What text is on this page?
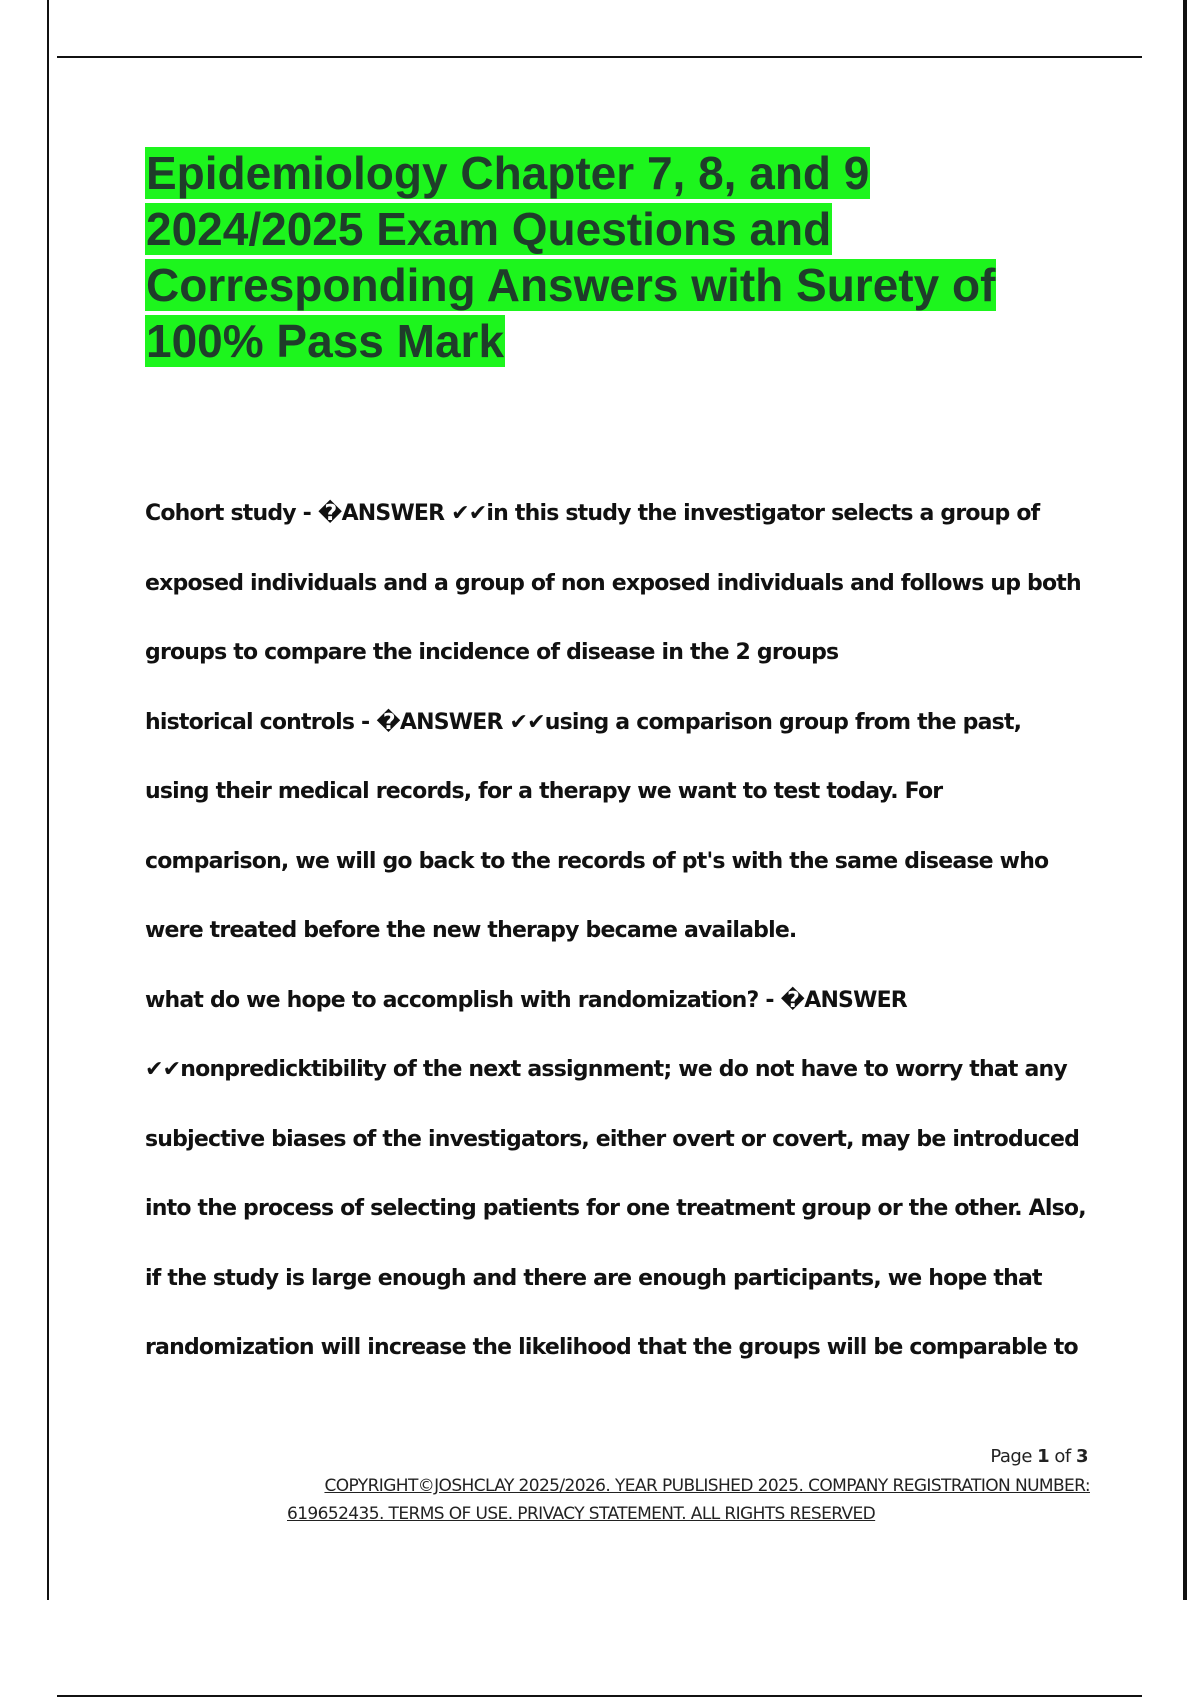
Epidemiology Chapter 7, 8, and 9 2024/2025 Exam Questions and Corresponding Answers with Surety of 100% Pass Mark
Cohort study - �ANSWER ✔✔in this study the investigator selects a group of
exposed individuals and a group of non exposed individuals and follows up both
groups to compare the incidence of disease in the 2 groups
historical controls - �ANSWER ✔✔using a comparison group from the past,
using their medical records, for a therapy we want to test today. For
comparison, we will go back to the records of pt's with the same disease who
were treated before the new therapy became available.
what do we hope to accomplish with randomization? - �ANSWER
✔✔nonpredicktibility of the next assignment; we do not have to worry that any
subjective biases of the investigators, either overt or covert, may be introduced
into the process of selecting patients for one treatment group or the other. Also,
if the study is large enough and there are enough participants, we hope that
randomization will increase the likelihood that the groups will be comparable to
Page 1 of 3
COPYRIGHT©JOSHCLAY 2025/2026. YEAR PUBLISHED 2025. COMPANY REGISTRATION NUMBER:
619652435. TERMS OF USE. PRIVACY STATEMENT. ALL RIGHTS RESERVED
